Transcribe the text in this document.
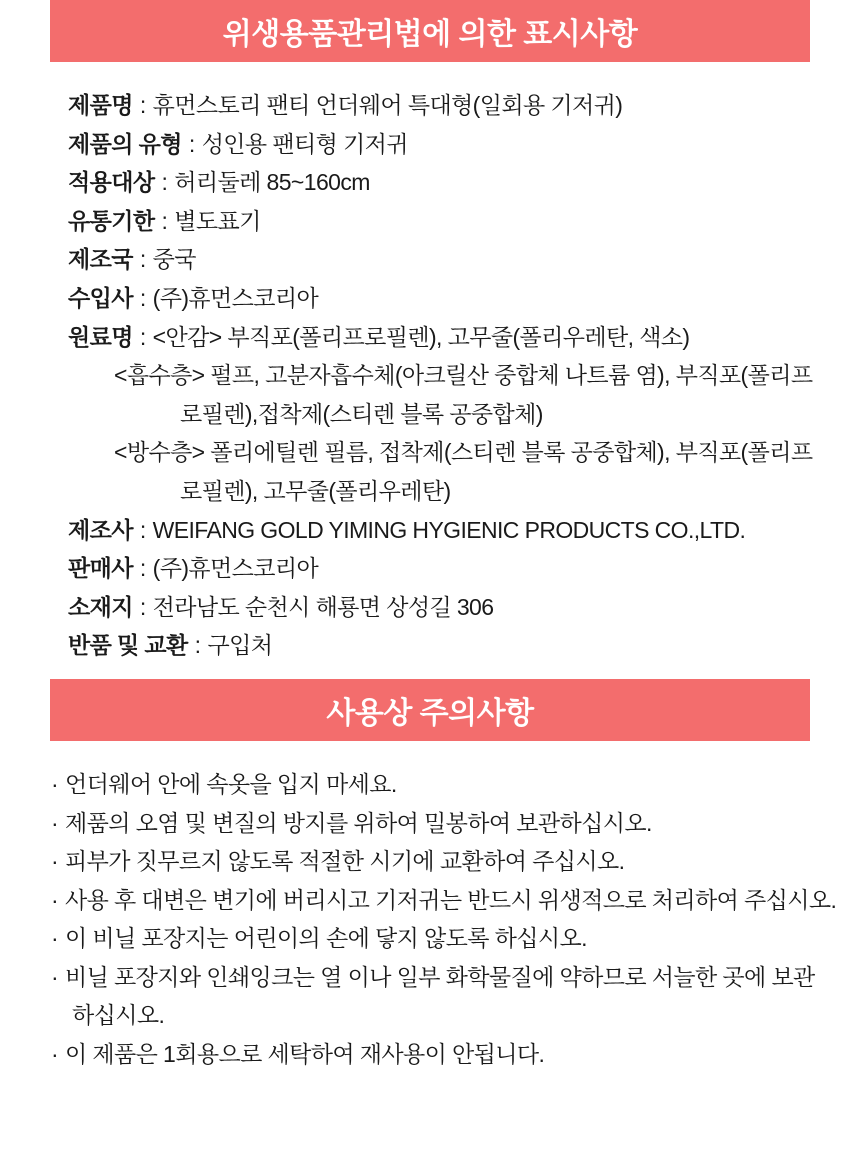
위생용품관리법에 의한 표시사항
제품명 : 휴먼스토리 팬티 언더웨어 특대형(일회용 기저귀)
제품의 유형 : 성인용 팬티형 기저귀
적용대상 : 허리둘레 85~160cm
유통기한 : 별도표기
제조국 : 중국
수입사 : (주)휴먼스코리아
원료명 : <안감> 부직포(폴리프로필렌), 고무줄(폴리우레탄, 색소)
<흡수층> 펄프, 고분자흡수체(아크릴산 중합체 나트륨 염), 부직포(폴리프
로필렌),접착제(스티렌 블록 공중합체)
<방수층> 폴리에틸렌 필름, 접착제(스티렌 블록 공중합체), 부직포(폴리프
로필렌), 고무줄(폴리우레탄)
제조사 : WEIFANG GOLD YIMING HYGIENIC PRODUCTS CO.,LTD.
판매사 : (주)휴먼스코리아
소재지 : 전라남도 순천시 해룡면 상성길 306
반품 및 교환 : 구입처
사용상 주의사항
· 언더웨어 안에 속옷을 입지 마세요.
· 제품의 오염 및 변질의 방지를 위하여 밀봉하여 보관하십시오.
· 피부가 짓무르지 않도록 적절한 시기에 교환하여 주십시오.
· 사용 후 대변은 변기에 버리시고 기저귀는 반드시 위생적으로 처리하여 주십시오.
· 이 비닐 포장지는 어린이의 손에 닿지 않도록 하십시오.
· 비닐 포장지와 인쇄잉크는 열 이나 일부 화학물질에 약하므로 서늘한 곳에 보관
하십시오.
· 이 제품은 1회용으로 세탁하여 재사용이 안됩니다.
